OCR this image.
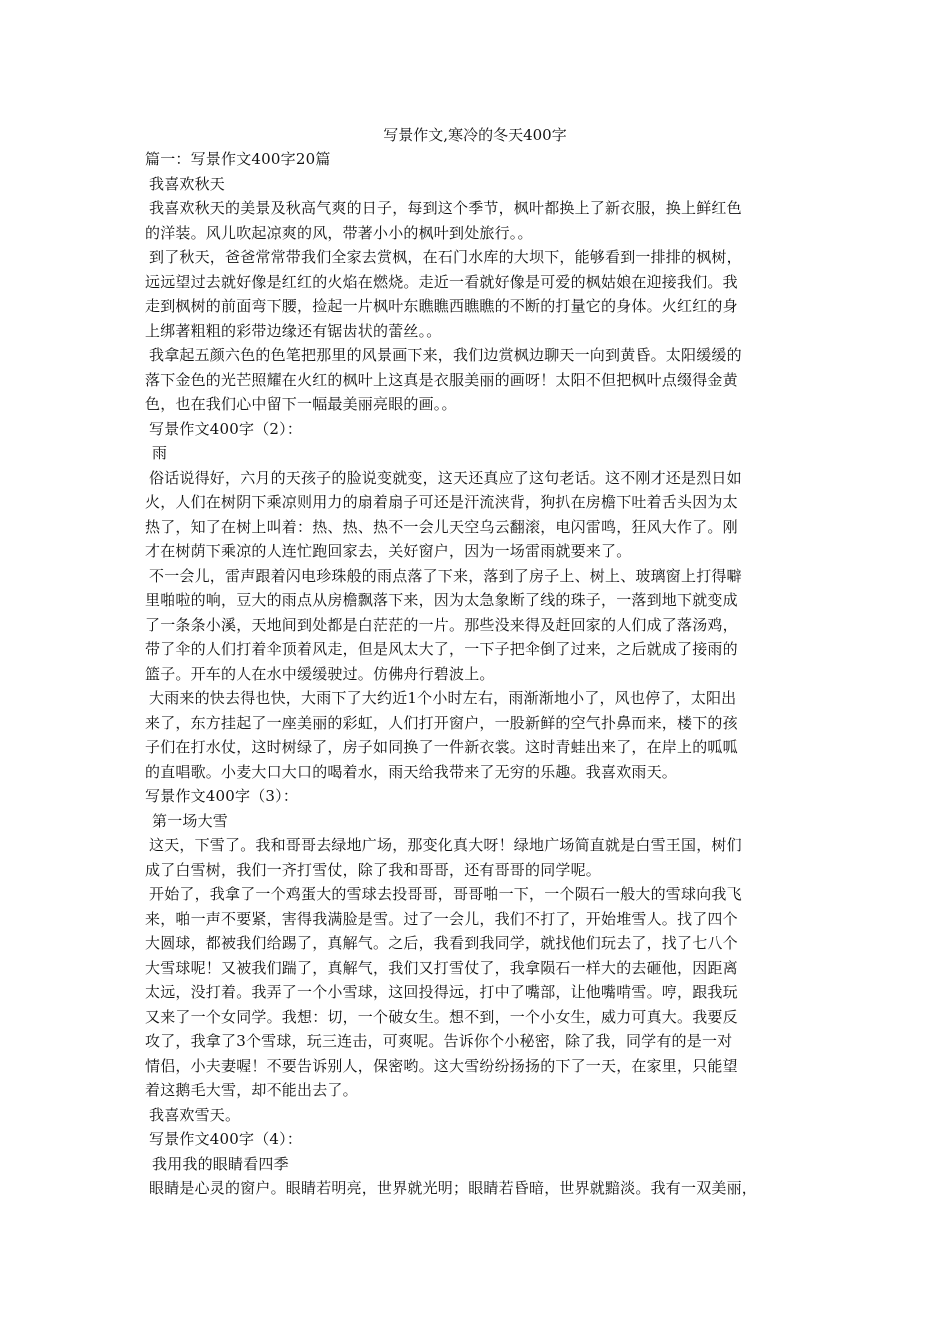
写景作文,寒冷的冬天400字
篇一：写景作文400字20篇
我喜欢秋天
我喜欢秋天的美景及秋高气爽的日子，每到这个季节，枫叶都换上了新衣服，换上鲜红色
的洋装。风儿吹起凉爽的风，带著小小的枫叶到处旅行。。
到了秋天，爸爸常常带我们全家去赏枫，在石门水库的大坝下，能够看到一排排的枫树，
远远望过去就好像是红红的火焰在燃烧。走近一看就好像是可爱的枫姑娘在迎接我们。我
走到枫树的前面弯下腰，捡起一片枫叶东瞧瞧西瞧瞧的不断的打量它的身体。火红红的身
上绑著粗粗的彩带边缘还有锯齿状的蕾丝。。
我拿起五颜六色的色笔把那里的风景画下来，我们边赏枫边聊天一向到黄昏。太阳缓缓的
落下金色的光芒照耀在火红的枫叶上这真是衣服美丽的画呀！太阳不但把枫叶点缀得金黄
色，也在我们心中留下一幅最美丽亮眼的画。。
写景作文400字（2）：
雨
俗话说得好，六月的天孩子的脸说变就变，这天还真应了这句老话。这不刚才还是烈日如
火，人们在树阴下乘凉则用力的扇着扇子可还是汗流浃背，狗扒在房檐下吐着舌头因为太
热了，知了在树上叫着：热、热、热不一会儿天空乌云翻滚，电闪雷鸣，狂风大作了。刚
才在树荫下乘凉的人连忙跑回家去，关好窗户，因为一场雷雨就要来了。
不一会儿，雷声跟着闪电珍珠般的雨点落了下来，落到了房子上、树上、玻璃窗上打得噼
里啪啦的响，豆大的雨点从房檐飘落下来，因为太急象断了线的珠子，一落到地下就变成
了一条条小溪，天地间到处都是白茫茫的一片。那些没来得及赶回家的人们成了落汤鸡，
带了伞的人们打着伞顶着风走，但是风太大了，一下子把伞倒了过来，之后就成了接雨的
篮子。开车的人在水中缓缓驶过。仿佛舟行碧波上。
大雨来的快去得也快，大雨下了大约近1个小时左右，雨渐渐地小了，风也停了，太阳出
来了，东方挂起了一座美丽的彩虹，人们打开窗户，一股新鲜的空气扑鼻而来，楼下的孩
子们在打水仗，这时树绿了，房子如同换了一件新衣裳。这时青蛙出来了，在岸上的呱呱
的直唱歌。小麦大口大口的喝着水，雨天给我带来了无穷的乐趣。我喜欢雨天。
写景作文400字（3）：
第一场大雪
这天，下雪了。我和哥哥去绿地广场，那变化真大呀！绿地广场简直就是白雪王国，树们
成了白雪树，我们一齐打雪仗，除了我和哥哥，还有哥哥的同学呢。
开始了，我拿了一个鸡蛋大的雪球去投哥哥，哥哥啪一下，一个陨石一般大的雪球向我飞
来，啪一声不要紧，害得我满脸是雪。过了一会儿，我们不打了，开始堆雪人。找了四个
大圆球，都被我们给踢了，真解气。之后，我看到我同学，就找他们玩去了，找了七八个
大雪球呢！又被我们踹了，真解气，我们又打雪仗了，我拿陨石一样大的去砸他，因距离
太远，没打着。我弄了一个小雪球，这回投得远，打中了嘴部，让他嘴啃雪。哼，跟我玩
又来了一个女同学。我想：切，一个破女生。想不到，一个小女生，威力可真大。我要反
攻了，我拿了3个雪球，玩三连击，可爽呢。告诉你个小秘密，除了我，同学有的是一对
情侣，小夫妻喔！不要告诉别人，保密哟。这大雪纷纷扬扬的下了一天，在家里，只能望
着这鹅毛大雪，却不能出去了。
我喜欢雪天。
写景作文400字（4）：
我用我的眼睛看四季
眼睛是心灵的窗户。眼睛若明亮，世界就光明；眼睛若昏暗，世界就黯淡。我有一双美丽，
